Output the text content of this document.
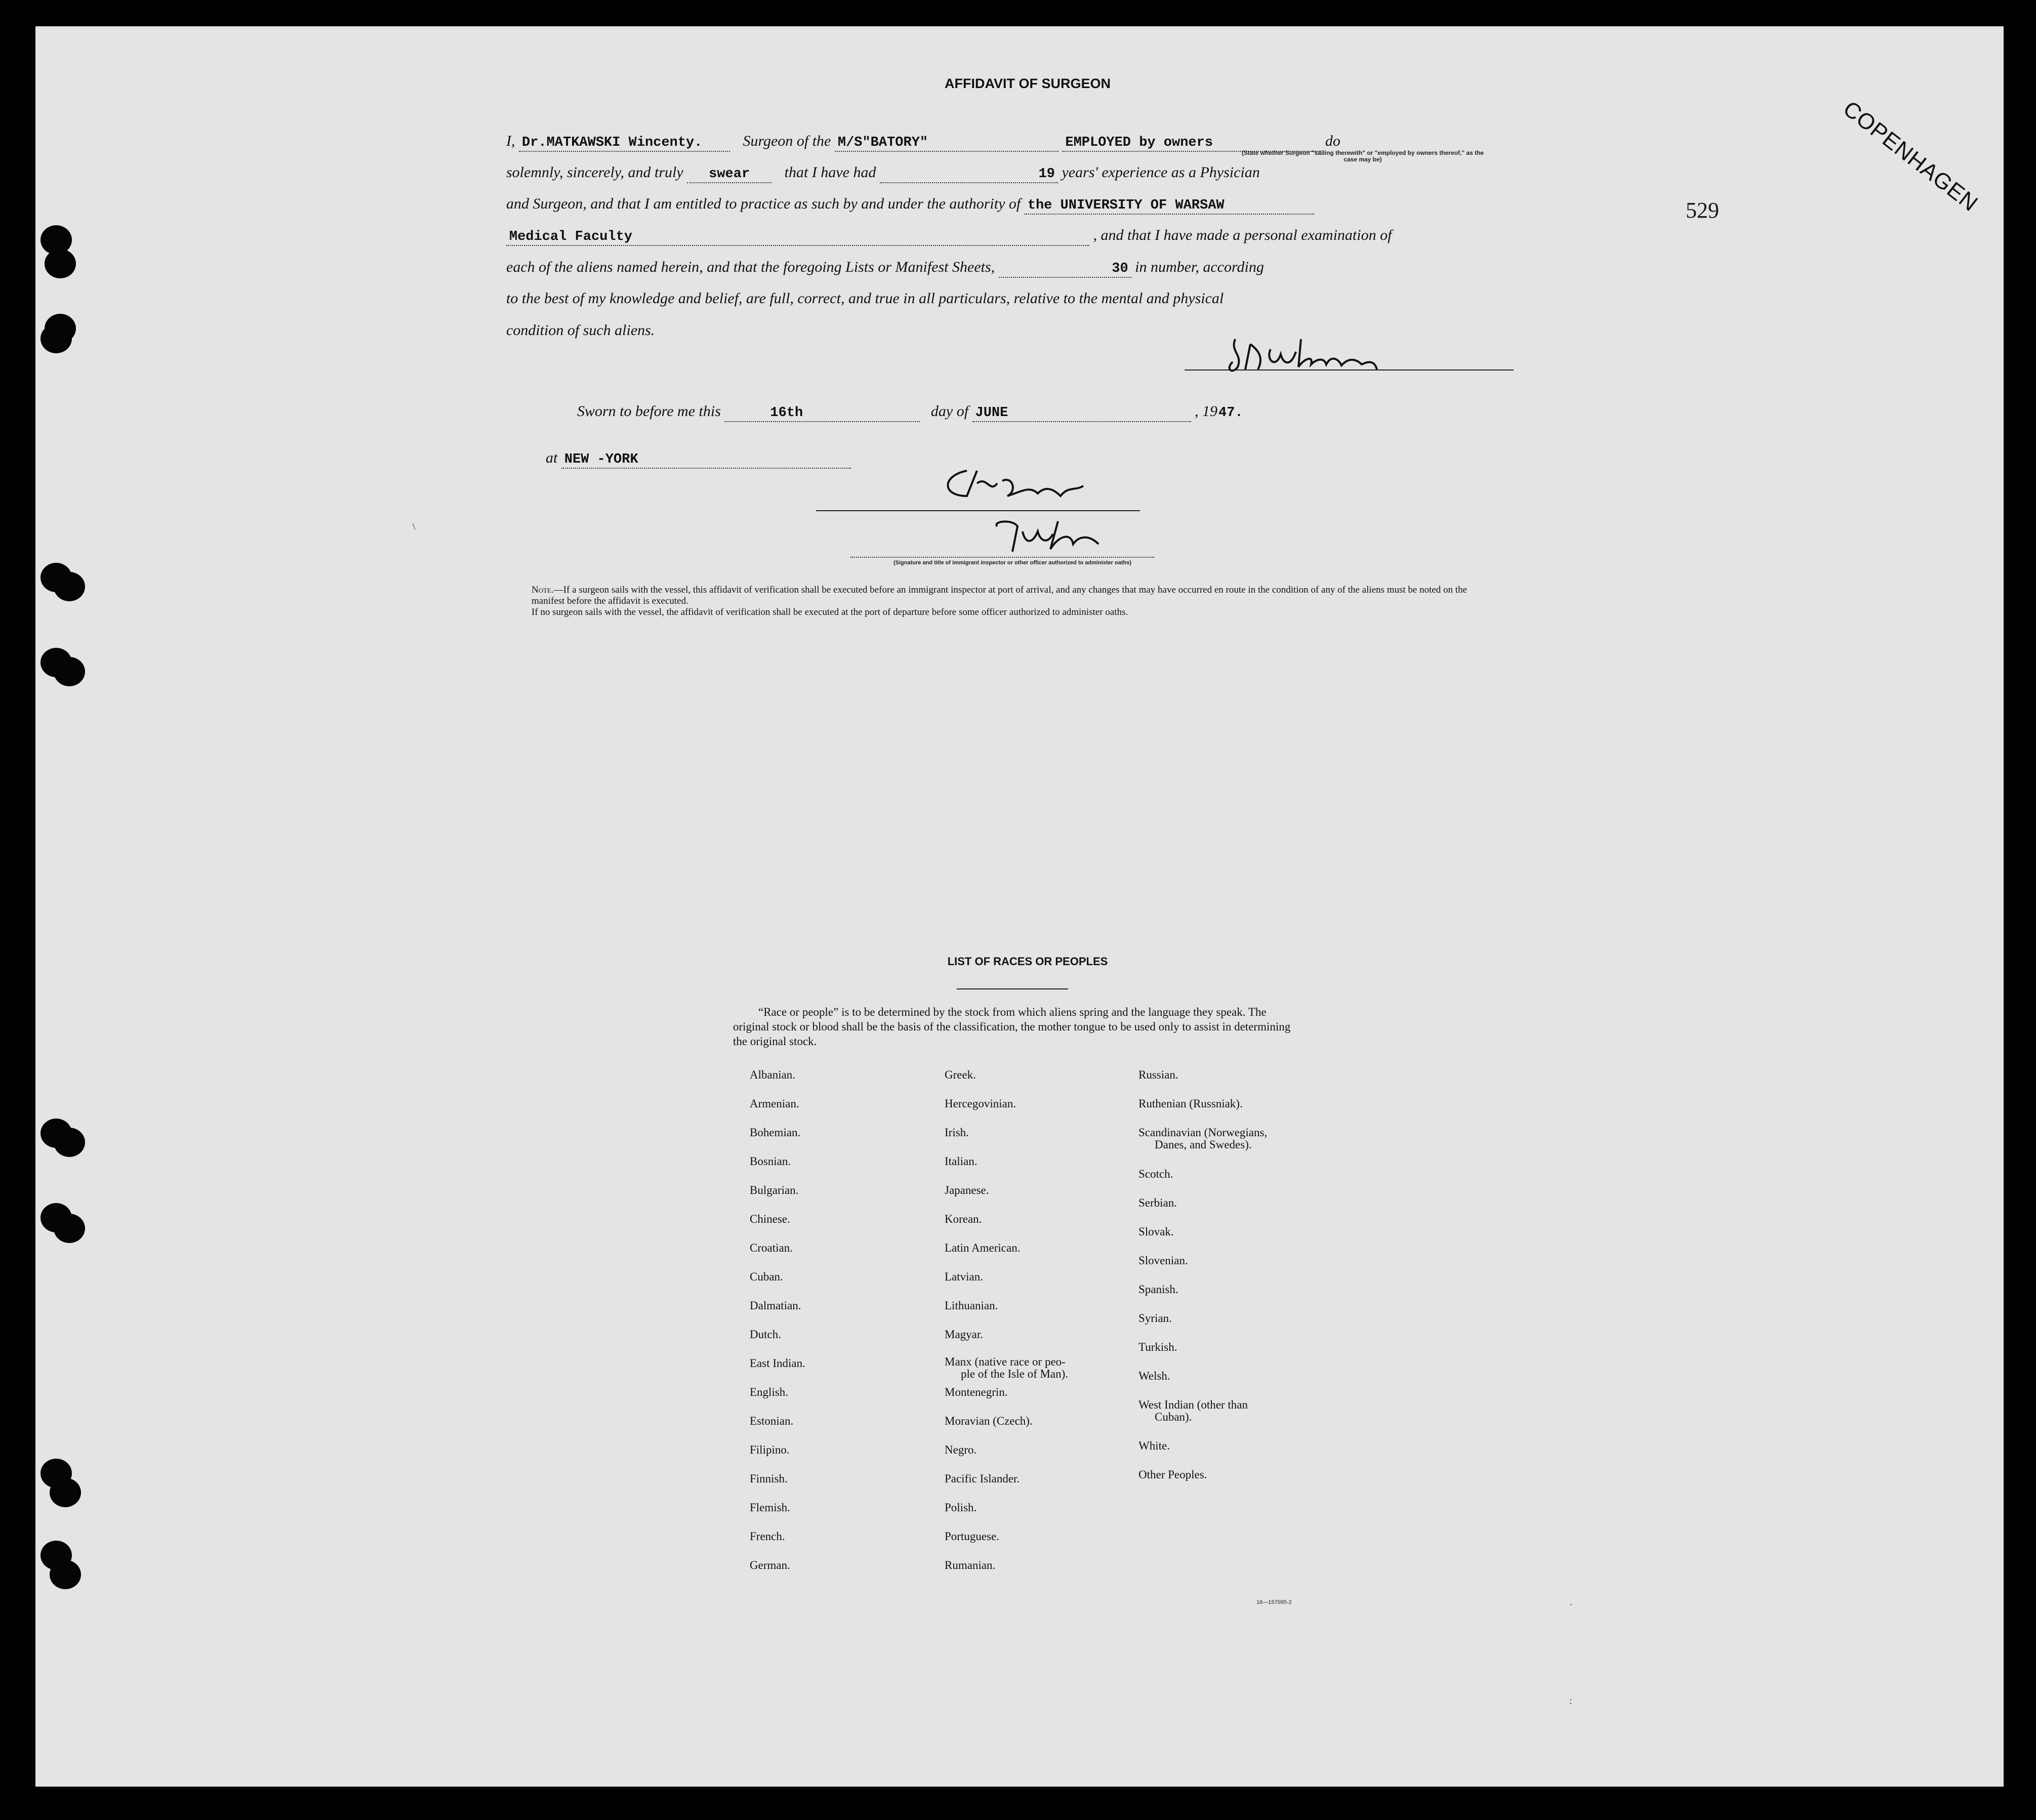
COPENHAGEN
529
AFFIDAVIT OF SURGEON
I, Dr.MATKAWSKI Wincenty.	Surgeon of the M/S"BATORY"	EMPLOYED by owners	do
(State whether Surgeon "sailing therewith" or "employed by owners thereof," as the case may be)
solemnly, sincerely, and truly swear that I have had	19 years' experience as a Physician
and Surgeon, and that I am entitled to practice as such by and under the authority of the UNIVERSITY OF WARSAW
Medical Faculty	, and that I have made a personal examination of
each of the aliens named herein, and that the foregoing Lists or Manifest Sheets,	30 in number, according
to the best of my knowledge and belief, are full, correct, and true in all particulars, relative to the mental and physical
condition of such aliens.
Sworn to before me this	16th	day of JUNE	, 1947.
at NEW -YORK
(Signature and title of immigrant inspector or other officer authorized to administer oaths)

Note.—If a surgeon sails with the vessel, this affidavit of verification shall be executed before an immigrant inspector at port of arrival, and any changes that may have occurred en route in the condition of any of the aliens must be noted on the manifest before the affidavit is executed.

If no surgeon sails with the vessel, the affidavit of verification shall be executed at the port of departure before some officer authorized to administer oaths.

LIST OF RACES OR PEOPLES
“Race or people” is to be determined by the stock from which aliens spring and the language they speak. The original stock or blood shall be the basis of the classification, the mother tongue to be used only to assist in determining the original stock.
Albanian.
Armenian.
Bohemian.
Bosnian.
Bulgarian.
Chinese.
Croatian.
Cuban.
Dalmatian.
Dutch.
East Indian.
English.
Estonian.
Filipino.
Finnish.
Flemish.
French.
German.
Greek.
Hercegovinian.
Irish.
Italian.
Japanese.
Korean.
Latin American.
Latvian.
Lithuanian.
Magyar.
Manx (native race or peo-
ple of the Isle of Man).
Montenegrin.
Moravian (Czech).
Negro.
Pacific Islander.
Polish.
Portuguese.
Rumanian.
Russian.
Ruthenian (Russniak).
Scandinavian (Norwegians,
Danes, and Swedes).
Scotch.
Serbian.
Slovak.
Slovenian.
Spanish.
Syrian.
Turkish.
Welsh.
West Indian (other than
Cuban).
White.
Other Peoples.
16—157095-2
\
:
·
